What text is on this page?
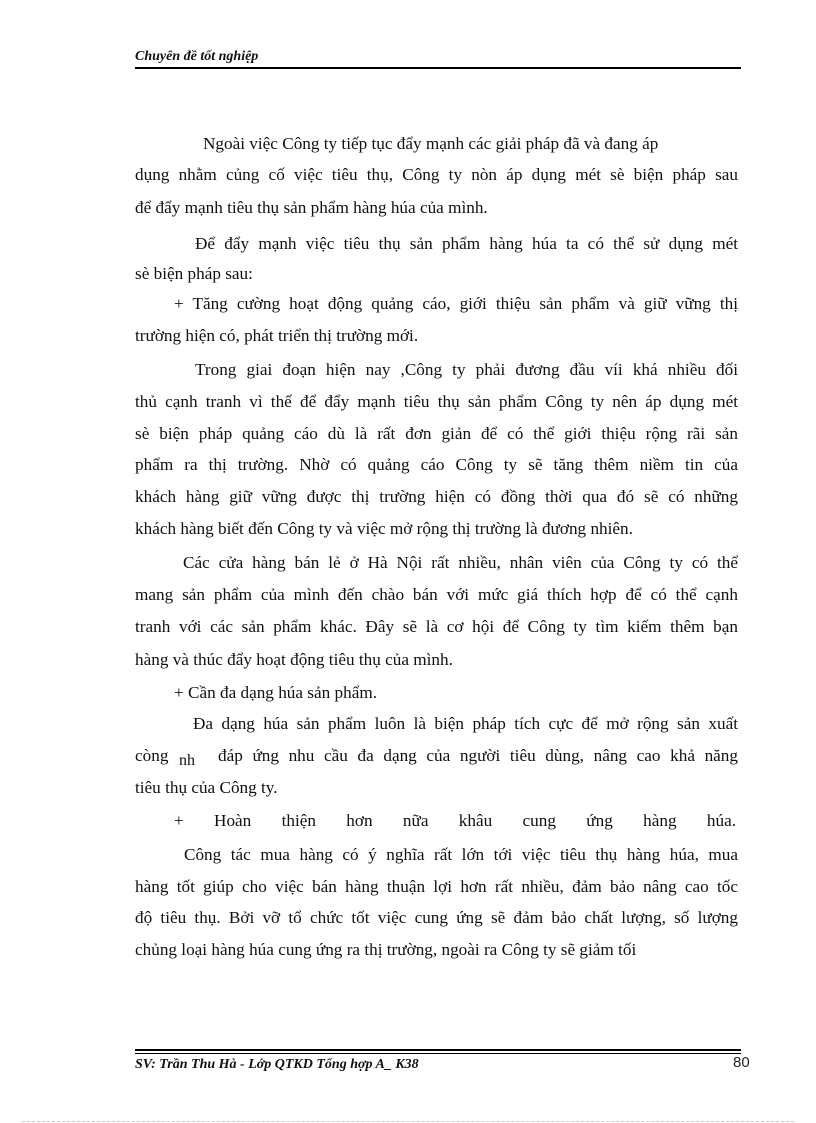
Chuyên đề tốt nghiệp
Ngoài việc Công ty tiếp tục đẩy mạnh các giải pháp đã và đang áp
dụng nhằm củng cố việc tiêu thụ, Công ty nòn áp dụng mét sè biện pháp sau
để đẩy mạnh tiêu thụ sản phẩm hàng húa của mình.
Để đẩy mạnh việc tiêu thụ sản phẩm hàng húa ta có thể sử dụng mét
sè biện pháp sau:
+ Tăng cường hoạt động quảng cáo, giới thiệu sản phẩm và giữ vững thị
trường hiện có, phát triển thị trường mới.
Trong giai đoạn hiện nay ,Công ty phải đương đầu víi khá nhiều đối
thủ cạnh tranh vì thế để đẩy mạnh tiêu thụ sản phẩm Công ty nên áp dụng mét
sè biện pháp quảng cáo dù là rất đơn giản để có thể giới thiệu rộng rãi sản
phẩm ra thị trường. Nhờ có quảng cáo Công ty sẽ tăng thêm niềm tin của
khách hàng giữ vững được thị trường hiện có đồng thời qua đó sẽ có những
khách hàng biết đến Công ty và việc mở rộng thị trường là đương nhiên.
Các cửa hàng bán lẻ ở Hà Nội rất nhiều, nhân viên của Công ty có thể
mang sản phẩm của mình đến chào bán với mức giá thích hợp để có thể cạnh
tranh với các sản phẩm khác. Đây sẽ là cơ hội để Công ty tìm kiếm thêm bạn
hàng và thúc đẩy hoạt động tiêu thụ của mình.
+ Cần đa dạng húa sản phẩm.
Đa dạng húa sản phẩm luôn là biện pháp tích cực để mở rộng sản xuất
còng nh	đáp ứng nhu cầu đa dạng của người tiêu dùng, nâng cao khả năng
tiêu thụ của Công ty.
+ Hoàn thiện hơn nữa khâu cung ứng hàng húa.
Công tác mua hàng có ý nghĩa rất lớn tới việc tiêu thụ hàng húa, mua
hàng tốt giúp cho việc bán hàng thuận lợi hơn rất nhiều, đảm bảo nâng cao tốc
độ tiêu thụ. Bởi vỡ tổ chức tốt việc cung ứng sẽ đảm bảo chất lượng, số lượng
chủng loại hàng húa cung ứng ra thị trường, ngoài ra Công ty sẽ giảm tối
SV: Trần Thu Hà - Lớp QTKD Tổng hợp A_ K38	80
